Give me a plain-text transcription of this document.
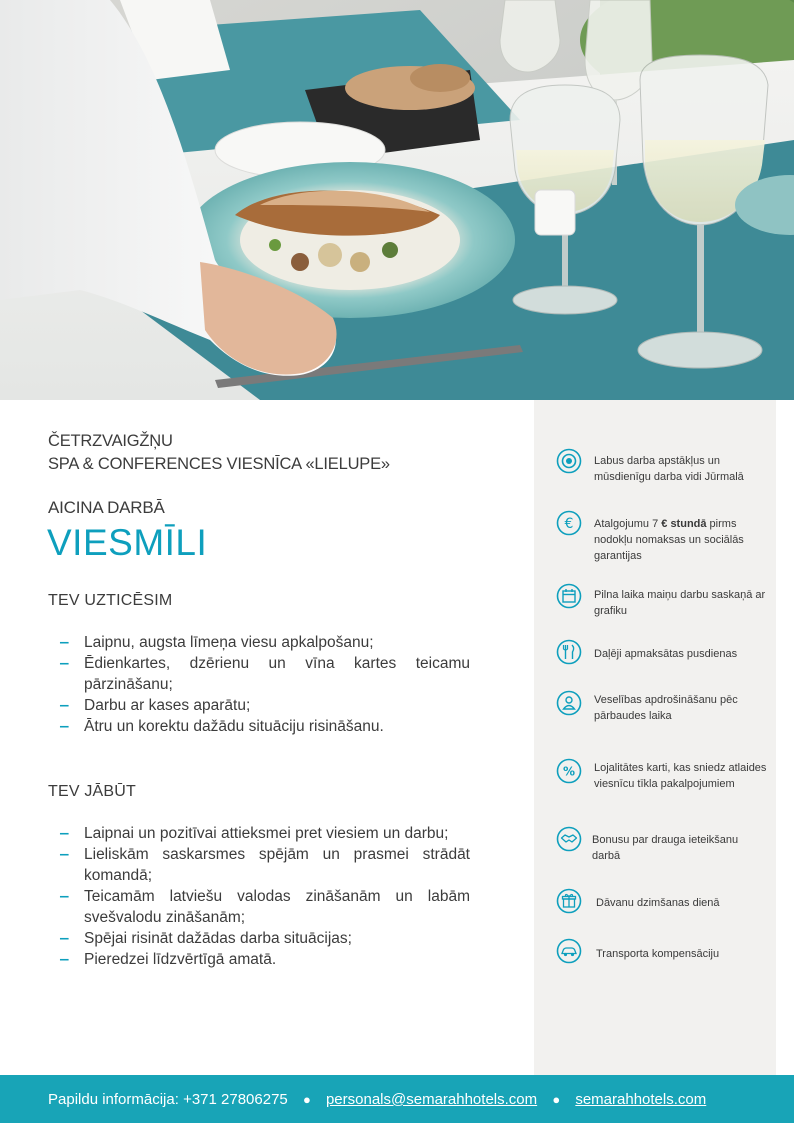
ČETRZVAIGŽŅU
SPA & CONFERENCES VIESNĪCA «LIELUPE»
AICINA DARBĀ
VIESMĪLI
TEV UZTICĒSIM
‒ Laipnu, augsta līmeņa viesu apkalpošanu;
‒ Ēdienkartes, dzērienu un vīna kartes teicamu pārzināšanu;
‒ Darbu ar kases aparātu;
‒ Ātru un korektu dažādu situāciju risināšanu.
TEV JĀBŪT
‒ Laipnai un pozitīvai attieksmei pret viesiem un darbu;
‒ Lieliskām saskarsmes spējām un prasmei strādāt komandā;
‒ Teicamām latviešu valodas zināšanām un labām svešvalodu zināšanām;
‒ Spējai risināt dažādas darba situācijas;
‒ Pieredzei līdzvērtīgā amatā.
Labus darba apstākļus un mūsdienīgu darba vidi Jūrmalā
€ Atalgojumu 7 € stundā pirms nodokļu nomaksas un sociālās garantijas
Pilna laika maiņu darbu saskaņā ar grafiku
Daļēji apmaksātas pusdienas
Veselības apdrošināšanu pēc pārbaudes laika
% Lojalitātes karti, kas sniedz atlaides viesnīcu tīkla pakalpojumiem
Bonusu par drauga ieteikšanu darbā
Dāvanu dzimšanas dienā
Transporta kompensāciju
Papildu informācija: +371 27806275 ● personals@semarahhotels.com ● semarahhotels.com
